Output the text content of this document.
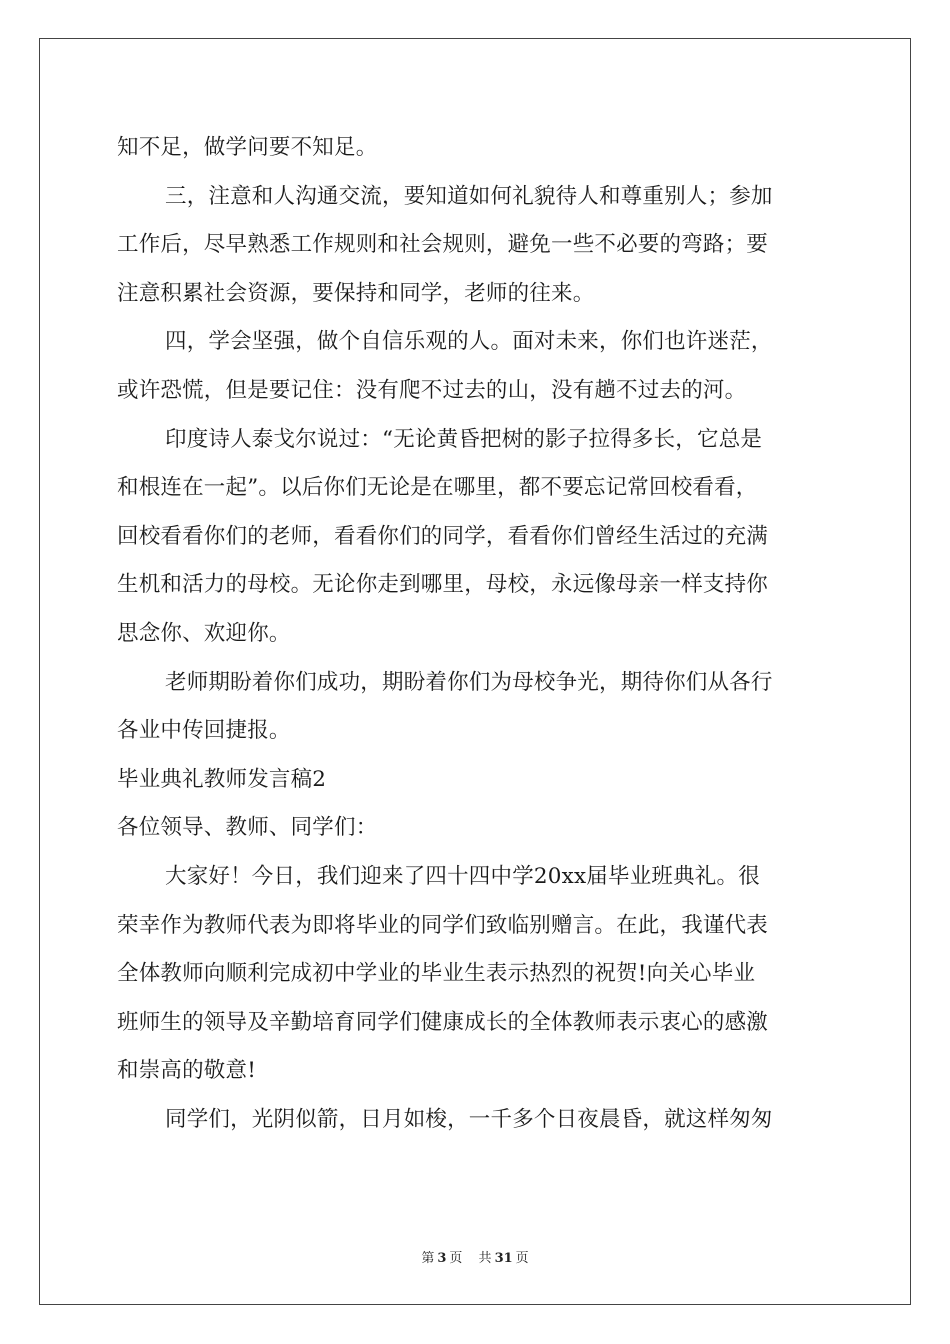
知不足，做学问要不知足。
三，注意和人沟通交流，要知道如何礼貌待人和尊重别人；参加
工作后，尽早熟悉工作规则和社会规则，避免一些不必要的弯路；要
注意积累社会资源，要保持和同学，老师的往来。
四，学会坚强，做个自信乐观的人。面对未来，你们也许迷茫，
或许恐慌，但是要记住：没有爬不过去的山，没有趟不过去的河。
印度诗人泰戈尔说过：“无论黄昏把树的影子拉得多长，它总是
和根连在一起”。以后你们无论是在哪里，都不要忘记常回校看看，
回校看看你们的老师，看看你们的同学，看看你们曾经生活过的充满
生机和活力的母校。无论你走到哪里，母校，永远像母亲一样支持你
思念你、欢迎你。
老师期盼着你们成功，期盼着你们为母校争光，期待你们从各行
各业中传回捷报。
毕业典礼教师发言稿2
各位领导、教师、同学们：
大家好！今日，我们迎来了四十四中学20xx届毕业班典礼。很
荣幸作为教师代表为即将毕业的同学们致临别赠言。在此，我谨代表
全体教师向顺利完成初中学业的毕业生表示热烈的祝贺!向关心毕业
班师生的领导及辛勤培育同学们健康成长的全体教师表示衷心的感激
和崇高的敬意!
同学们，光阴似箭，日月如梭，一千多个日夜晨昏，就这样匆匆
第 3 页 共 31 页
